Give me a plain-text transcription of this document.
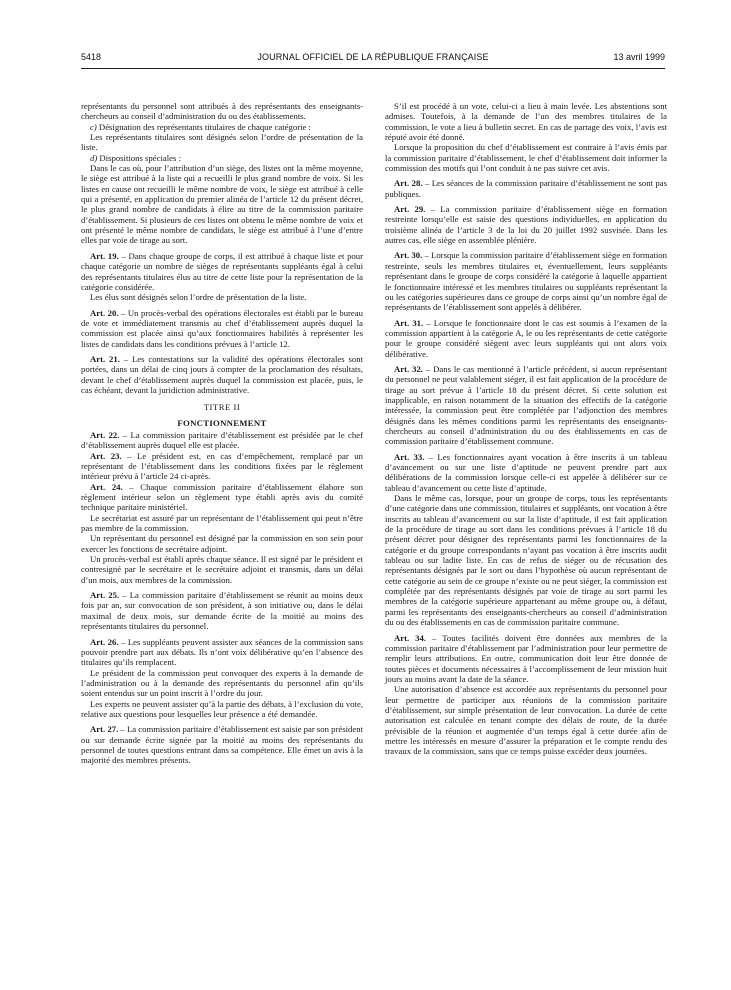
5418	JOURNAL OFFICIEL DE LA RÉPUBLIQUE FRANÇAISE	13 avril 1999

représentants du personnel sont attribués à des représentants des enseignants-chercheurs au conseil d’administration du ou des établissements.

c) Désignation des représentants titulaires de chaque catégorie :

Les représentants titulaires sont désignés selon l’ordre de présentation de la liste.

d) Dispositions spéciales :

Dans le cas où, pour l’attribution d’un siège, des listes ont la même moyenne, le siège est attribué à la liste qui a recueilli le plus grand nombre de voix. Si les listes en cause ont recueilli le même nombre de voix, le siège est attribué à celle qui a présenté, en application du premier alinéa de l’article 12 du présent décret, le plus grand nombre de candidats à élire au titre de la commission paritaire d’établissement. Si plusieurs de ces listes ont obtenu le même nombre de voix et ont présenté le même nombre de candidats, le siège est attribué à l’une d’entre elles par voie de tirage au sort.

Art. 19. – Dans chaque groupe de corps, il est attribué à chaque liste et pour chaque catégorie un nombre de sièges de représentants suppléants égal à celui des représentants titulaires élus au titre de cette liste pour la représentation de la catégorie considérée.

Les élus sont désignés selon l’ordre de présentation de la liste.

Art. 20. – Un procès-verbal des opérations électorales est établi par le bureau de vote et immédiatement transmis au chef d’établissement auprès duquel la commission est placée ainsi qu’aux fonctionnaires habilités à représenter les listes de candidats dans les conditions prévues à l’article 12.

Art. 21. – Les contestations sur la validité des opérations électorales sont portées, dans un délai de cinq jours à compter de la proclamation des résultats, devant le chef d’établissement auprès duquel la commission est placée, puis, le cas échéant, devant la juridiction administrative.

TITRE II

FONCTIONNEMENT

Art. 22. – La commission paritaire d’établissement est présidée par le chef d’établissement auprès duquel elle est placée.

Art. 23. – Le président est, en cas d’empêchement, remplacé par un représentant de l’établissement dans les conditions fixées par le règlement intérieur prévu à l’article 24 ci-après.

Art. 24. – Chaque commission paritaire d’établissement élabore son règlement intérieur selon un règlement type établi après avis du comité technique paritaire ministériel.

Le secrétariat est assuré par un représentant de l’établissement qui peut n’être pas membre de la commission.

Un représentant du personnel est désigné par la commission en son sein pour exercer les fonctions de secrétaire adjoint.

Un procès-verbal est établi après chaque séance. Il est signé par le président et contresigné par le secrétaire et le secrétaire adjoint et transmis, dans un délai d’un mois, aux membres de la commission.

Art. 25. – La commission paritaire d’établissement se réunit au moins deux fois par an, sur convocation de son président, à son initiative ou, dans le délai maximal de deux mois, sur demande écrite de la moitié au moins des représentants titulaires du personnel.

Art. 26. – Les suppléants peuvent assister aux séances de la commission sans pouvoir prendre part aux débats. Ils n’ont voix délibérative qu’en l’absence des titulaires qu’ils remplacent.

Le président de la commission peut convoquer des experts à la demande de l’administration ou à la demande des représentants du personnel afin qu’ils soient entendus sur un point inscrit à l’ordre du jour.

Les experts ne peuvent assister qu’à la partie des débats, à l’exclusion du vote, relative aux questions pour lesquelles leur présence a été demandée.

Art. 27. – La commission paritaire d’établissement est saisie par son président ou sur demande écrite signée par la moitié au moins des représentants du personnel de toutes questions entrant dans sa compétence. Elle émet un avis à la majorité des membres présents.

S’il est procédé à un vote, celui-ci a lieu à main levée. Les abstentions sont admises. Toutefois, à la demande de l’un des membres titulaires de la commission, le vote a lieu à bulletin secret. En cas de partage des voix, l’avis est réputé avoir été donné.

Lorsque la proposition du chef d’établissement est contraire à l’avis émis par la commission paritaire d’établissement, le chef d’établissement doit informer la commission des motifs qui l’ont conduit à ne pas suivre cet avis.

Art. 28. – Les séances de la commission paritaire d’établissement ne sont pas publiques.

Art. 29. – La commission paritaire d’établissement siège en formation restreinte lorsqu’elle est saisie des questions individuelles, en application du troisième alinéa de l’article 3 de la loi du 20 juillet 1992 susvisée. Dans les autres cas, elle siège en assemblée plénière.

Art. 30. – Lorsque la commission paritaire d’établissement siège en formation restreinte, seuls les membres titulaires et, éventuellement, leurs suppléants représentant dans le groupe de corps considéré la catégorie à laquelle appartient le fonctionnaire intéressé et les membres titulaires ou suppléants représentant la ou les catégories supérieures dans ce groupe de corps ainsi qu’un nombre égal de représentants de l’établissement sont appelés à délibérer.

Art. 31. – Lorsque le fonctionnaire dont le cas est soumis à l’examen de la commission appartient à la catégorie A, le ou les représentants de cette catégorie pour le groupe considéré siègent avec leurs suppléants qui ont alors voix délibérative.

Art. 32. – Dans le cas mentionné à l’article précédent, si aucun représentant du personnel ne peut valablement siéger, il est fait application de la procédure de tirage au sort prévue à l’article 18 du présent décret. Si cette solution est inapplicable, en raison notamment de la situation des effectifs de la catégorie intéressée, la commission peut être complétée par l’adjonction des membres désignés dans les mêmes conditions parmi les représentants des enseignants-chercheurs au conseil d’administration du ou des établissements en cas de commission paritaire d’établissement commune.

Art. 33. – Les fonctionnaires ayant vocation à être inscrits à un tableau d’avancement ou sur une liste d’aptitude ne peuvent prendre part aux délibérations de la commission lorsque celle-ci est appelée à délibérer sur ce tableau d’avancement ou cette liste d’aptitude.

Dans le même cas, lorsque, pour un groupe de corps, tous les représentants d’une catégorie dans une commission, titulaires et suppléants, ont vocation à être inscrits au tableau d’avancement ou sur la liste d’aptitude, il est fait application de la procédure de tirage au sort dans les conditions prévues à l’article 18 du présent décret pour désigner des représentants parmi les fonctionnaires de la catégorie et du groupe correspondants n’ayant pas vocation à être inscrits audit tableau ou sur ladite liste. En cas de refus de siéger ou de récusation des représentants désignés par le sort ou dans l’hypothèse où aucun représentant de cette catégorie au sein de ce groupe n’existe ou ne peut siéger, la commission est complétée par des représentants désignés par voie de tirage au sort parmi les membres de la catégorie supérieure appartenant au même groupe ou, à défaut, parmi les représentants des enseignants-chercheurs au conseil d’administration du ou des établissements en cas de commission paritaire commune.

Art. 34. – Toutes facilités doivent être données aux membres de la commission paritaire d’établissement par l’administration pour leur permettre de remplir leurs attributions. En outre, communication doit leur être donnée de toutes pièces et documents nécessaires à l’accomplissement de leur mission huit jours au moins avant la date de la séance.

Une autorisation d’absence est accordée aux représentants du personnel pour leur permettre de participer aux réunions de la commission paritaire d’établissement, sur simple présentation de leur convocation. La durée de cette autorisation est calculée en tenant compte des délais de route, de la durée prévisible de la réunion et augmentée d’un temps égal à cette durée afin de mettre les intéressés en mesure d’assurer la préparation et le compte rendu des travaux de la commission, sans que ce temps puisse excéder deux journées.
